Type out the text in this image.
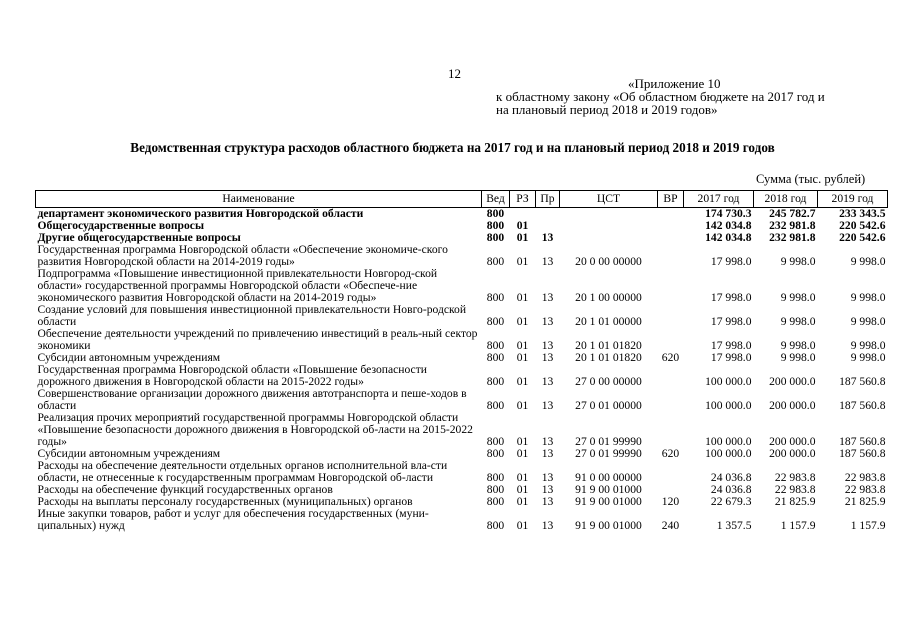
12
«Приложение 10
к областному закону «Об областном бюджете на 2017 год и
на плановый период 2018 и 2019 годов»
Ведомственная структура расходов областного бюджета на 2017 год и на плановый период 2018 и 2019 годов
Сумма (тыс. рублей)
Наименование	Вед	РЗ	Пр	ЦСТ	ВР	2017 год	2018 год	2019 год
департамент экономического развития Новгородской области	800					174 730.3	245 782.7	233 343.5
Общегосударственные вопросы	800	01				142 034.8	232 981.8	220 542.6
Другие общегосударственные вопросы	800	01	13			142 034.8	232 981.8	220 542.6
Государственная программа Новгородской области «Обеспечение экономиче-ского развития Новгородской области на 2014-2019 годы»	800	01	13	20 0 00 00000		17 998.0	9 998.0	9 998.0
Подпрограмма «Повышение инвестиционной привлекательности Новгород-ской области» государственной программы Новгородской области «Обеспече-ние экономического развития Новгородской области на 2014-2019 годы»	800	01	13	20 1 00 00000		17 998.0	9 998.0	9 998.0
Создание условий для повышения инвестиционной привлекательности Новго-родской области	800	01	13	20 1 01 00000		17 998.0	9 998.0	9 998.0
Обеспечение деятельности учреждений по привлечению инвестиций в реаль-ный сектор экономики	800	01	13	20 1 01 01820		17 998.0	9 998.0	9 998.0
Субсидии автономным учреждениям	800	01	13	20 1 01 01820	620	17 998.0	9 998.0	9 998.0
Государственная программа Новгородской области «Повышение безопасности дорожного движения в Новгородской области на 2015-2022 годы»	800	01	13	27 0 00 00000		100 000.0	200 000.0	187 560.8
Совершенствование организации дорожного движения автотранспорта и пеше-ходов в области	800	01	13	27 0 01 00000		100 000.0	200 000.0	187 560.8
Реализация прочих мероприятий государственной программы Новгородской области «Повышение безопасности дорожного движения в Новгородской об-ласти на 2015-2022 годы»	800	01	13	27 0 01 99990		100 000.0	200 000.0	187 560.8
Субсидии автономным учреждениям	800	01	13	27 0 01 99990	620	100 000.0	200 000.0	187 560.8
Расходы на обеспечение деятельности отдельных органов исполнительной вла-сти области, не отнесенные к государственным программам Новгородской об-ласти	800	01	13	91 0 00 00000		24 036.8	22 983.8	22 983.8
Расходы на обеспечение функций государственных органов	800	01	13	91 9 00 01000		24 036.8	22 983.8	22 983.8
Расходы на выплаты персоналу государственных (муниципальных) органов	800	01	13	91 9 00 01000	120	22 679.3	21 825.9	21 825.9
Иные закупки товаров, работ и услуг для обеспечения государственных (муни-ципальных) нужд	800	01	13	91 9 00 01000	240	1 357.5	1 157.9	1 157.9
